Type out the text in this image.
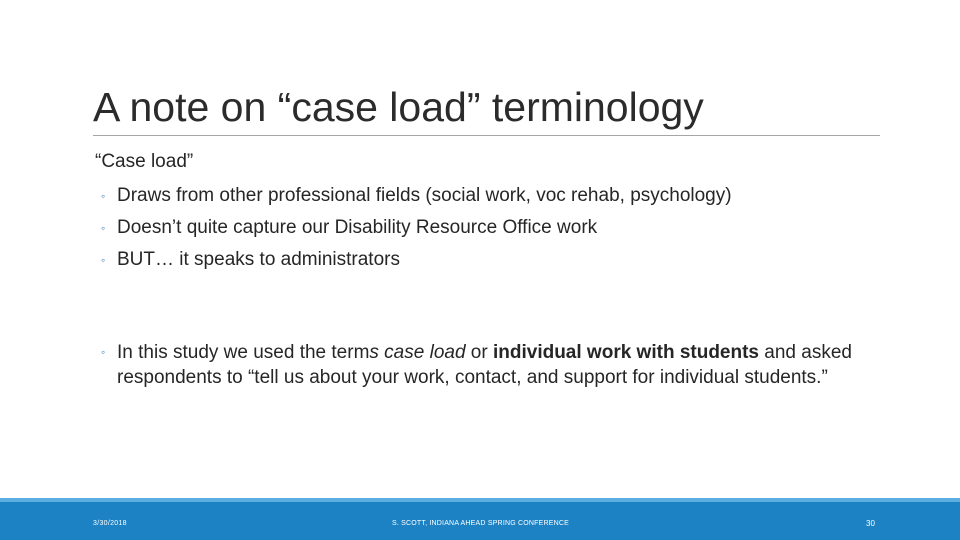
A note on “case load” terminology
“Case load”
◦ Draws from other professional fields (social work, voc rehab, psychology)
◦ Doesn’t quite capture our Disability Resource Office work
◦ BUT… it speaks to administrators
◦ In this study we used the terms case load or individual work with students and asked respondents to “tell us about your work, contact, and support for individual students.”
3/30/2018	S. SCOTT, INDIANA AHEAD SPRING CONFERENCE	30
